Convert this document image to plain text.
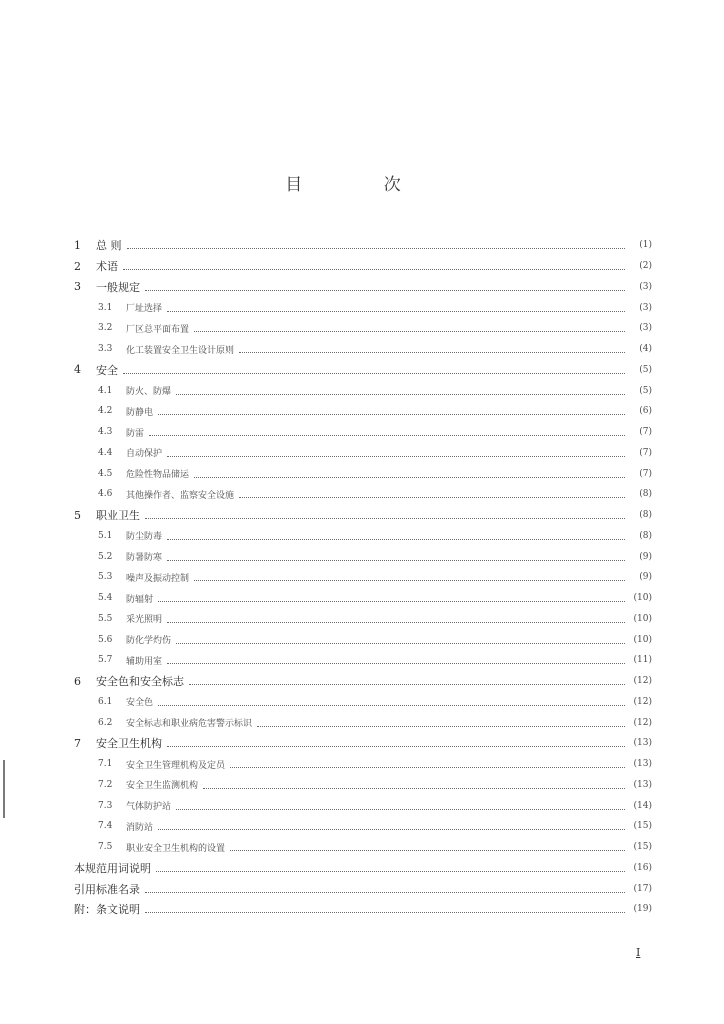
目 次
1	总 则	(1)
2	术语	(2)
3	一般规定	(3)
3.1	厂址选择	(3)
3.2	厂区总平面布置	(3)
3.3	化工装置安全卫生设计原则	(4)
4	安全	(5)
4.1	防火、防爆	(5)
4.2	防静电	(6)
4.3	防雷	(7)
4.4	自动保护	(7)
4.5	危险性物品储运	(7)
4.6	其他操作者、监察安全设施	(8)
5	职业卫生	(8)
5.1	防尘防毒	(8)
5.2	防暑防寒	(9)
5.3	噪声及振动控制	(9)
5.4	防辐射	(10)
5.5	采光照明	(10)
5.6	防化学灼伤	(10)
5.7	辅助用室	(11)
6	安全色和安全标志	(12)
6.1	安全色	(12)
6.2	安全标志和职业病危害警示标识	(12)
7	安全卫生机构	(13)
7.1	安全卫生管理机构及定员	(13)
7.2	安全卫生监测机构	(13)
7.3	气体防护站	(14)
7.4	消防站	(15)
7.5	职业安全卫生机构的设置	(15)
本规范用词说明	(16)
引用标准名录	(17)
附：条文说明	(19)
I
